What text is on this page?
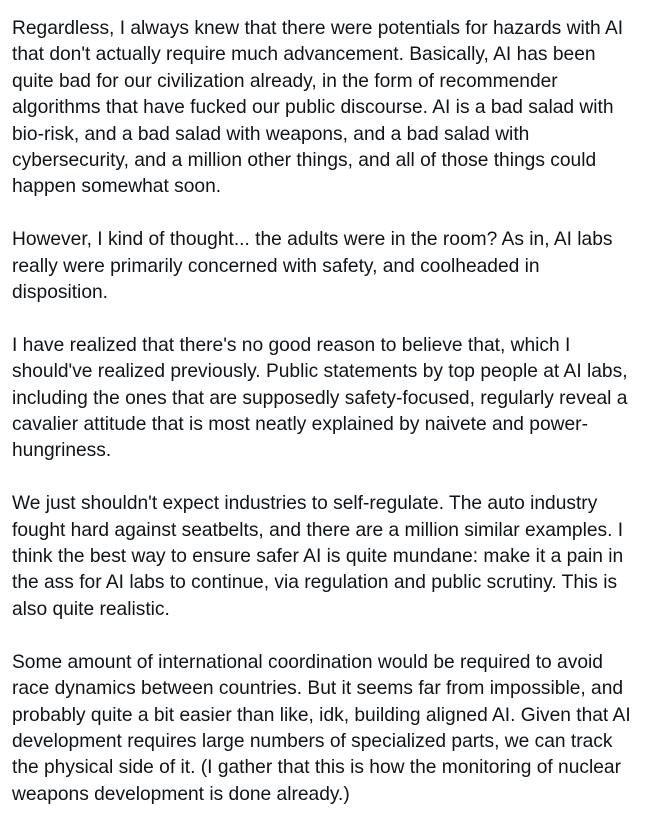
Regardless, I always knew that there were potentials for hazards with AI that don't actually require much advancement. Basically, AI has been quite bad for our civilization already, in the form of recommender algorithms that have fucked our public discourse. AI is a bad salad with bio-risk, and a bad salad with weapons, and a bad salad with cybersecurity, and a million other things, and all of those things could happen somewhat soon.

However, I kind of thought... the adults were in the room? As in, AI labs really were primarily concerned with safety, and coolheaded in disposition.

I have realized that there's no good reason to believe that, which I should've realized previously. Public statements by top people at AI labs, including the ones that are supposedly safety-focused, regularly reveal a cavalier attitude that is most neatly explained by naivete and power-hungriness.

We just shouldn't expect industries to self-regulate. The auto industry fought hard against seatbelts, and there are a million similar examples. I think the best way to ensure safer AI is quite mundane: make it a pain in the ass for AI labs to continue, via regulation and public scrutiny. This is also quite realistic.

Some amount of international coordination would be required to avoid race dynamics between countries. But it seems far from impossible, and probably quite a bit easier than like, idk, building aligned AI. Given that AI development requires large numbers of specialized parts, we can track the physical side of it. (I gather that this is how the monitoring of nuclear weapons development is done already.)
